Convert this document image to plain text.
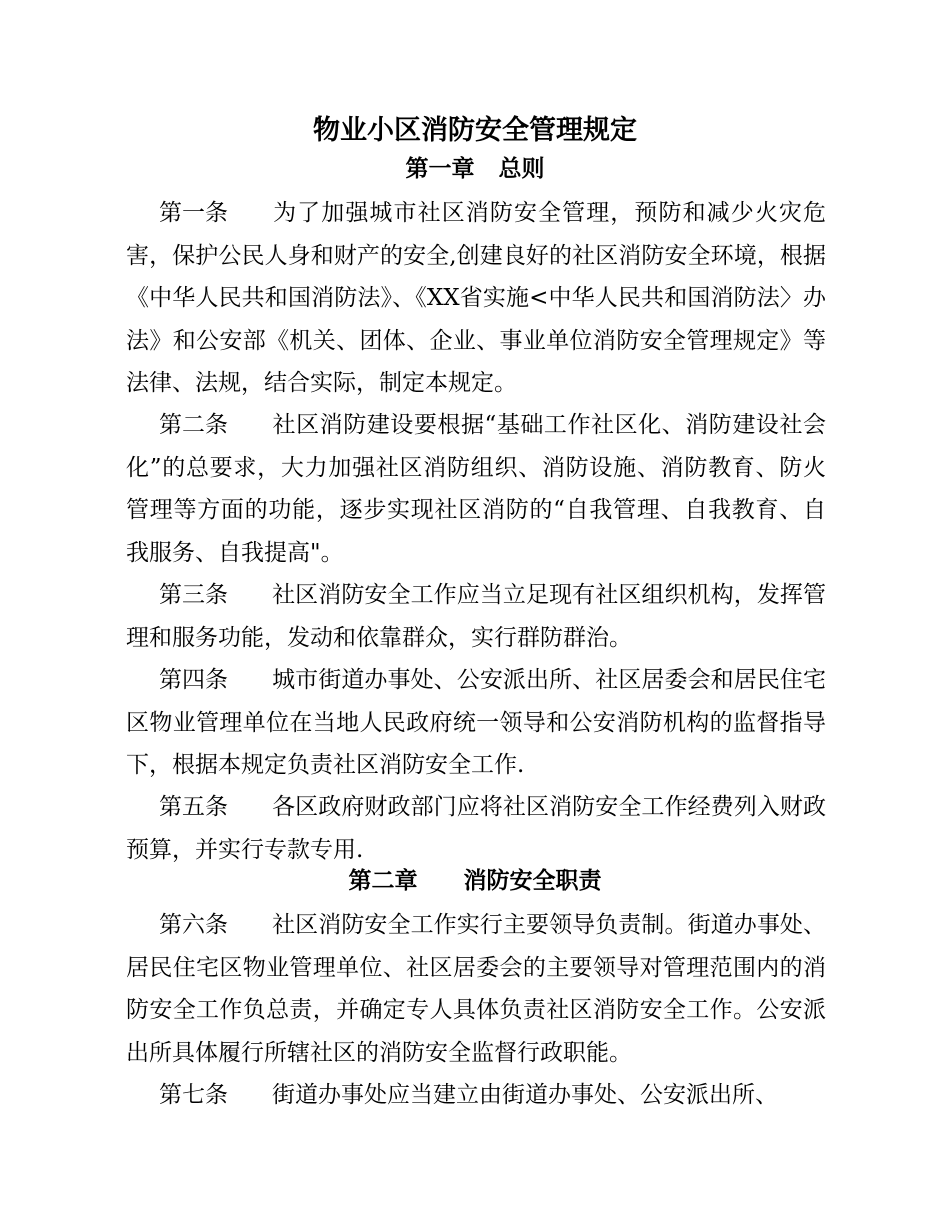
物业小区消防安全管理规定
第一章 总则

第一条 为了加强城市社区消防安全管理，预防和减少火灾危害，保护公民人身和财产的安全,创建良好的社区消防安全环境，根据《中华人民共和国消防法》、《XX省实施<中华人民共和国消防法〉办法》和公安部《机关、团体、企业、事业单位消防安全管理规定》等法律、法规，结合实际，制定本规定。

第二条 社区消防建设要根据“基础工作社区化、消防建设社会化”的总要求，大力加强社区消防组织、消防设施、消防教育、防火管理等方面的功能，逐步实现社区消防的“自我管理、自我教育、自我服务、自我提高"。

第三条 社区消防安全工作应当立足现有社区组织机构，发挥管理和服务功能，发动和依靠群众，实行群防群治。

第四条 城市街道办事处、公安派出所、社区居委会和居民住宅区物业管理单位在当地人民政府统一领导和公安消防机构的监督指导下，根据本规定负责社区消防安全工作.

第五条 各区政府财政部门应将社区消防安全工作经费列入财政预算，并实行专款专用.

第二章 消防安全职责

第六条 社区消防安全工作实行主要领导负责制。街道办事处、居民住宅区物业管理单位、社区居委会的主要领导对管理范围内的消防安全工作负总责，并确定专人具体负责社区消防安全工作。公安派出所具体履行所辖社区的消防安全监督行政职能。

第七条 街道办事处应当建立由街道办事处、公安派出所、
